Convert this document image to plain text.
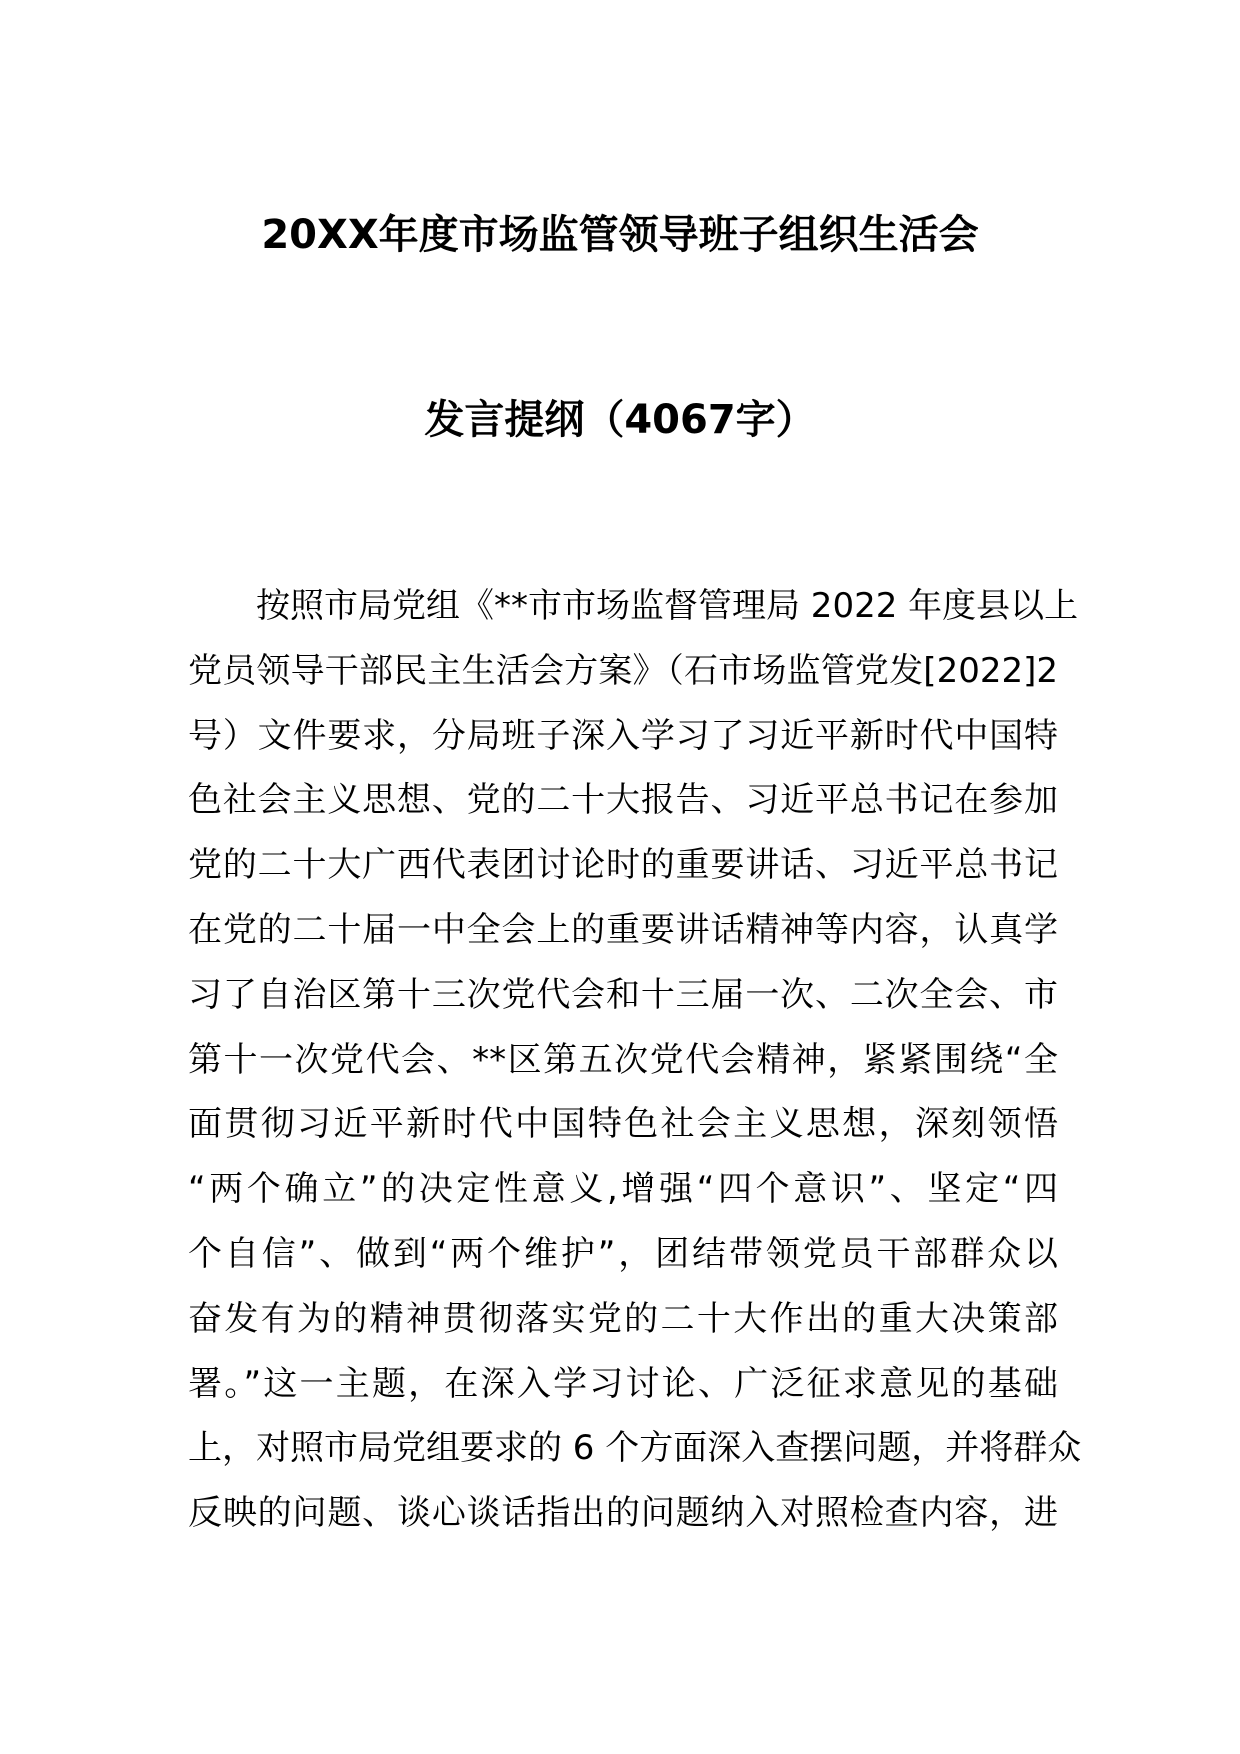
20XX年度市场监管领导班子组织生活会
发言提纲（4067字）
按照市局党组《**市市场监督管理局 2022 年度县以上
党员领导干部民主生活会方案》（石市场监管党发[2022]2
号）文件要求，分局班子深入学习了习近平新时代中国特
色社会主义思想、党的二十大报告、习近平总书记在参加
党的二十大广西代表团讨论时的重要讲话、习近平总书记
在党的二十届一中全会上的重要讲话精神等内容，认真学
习了自治区第十三次党代会和十三届一次、二次全会、市
第十一次党代会、**区第五次党代会精神，紧紧围绕“全
面贯彻习近平新时代中国特色社会主义思想，深刻领悟
“两个确立”的决定性意义,增强“四个意识”、坚定“四
个自信”、做到“两个维护”，团结带领党员干部群众以
奋发有为的精神贯彻落实党的二十大作出的重大决策部
署。”这一主题，在深入学习讨论、广泛征求意见的基础
上，对照市局党组要求的 6 个方面深入查摆问题，并将群众
反映的问题、谈心谈话指出的问题纳入对照检查内容，进
